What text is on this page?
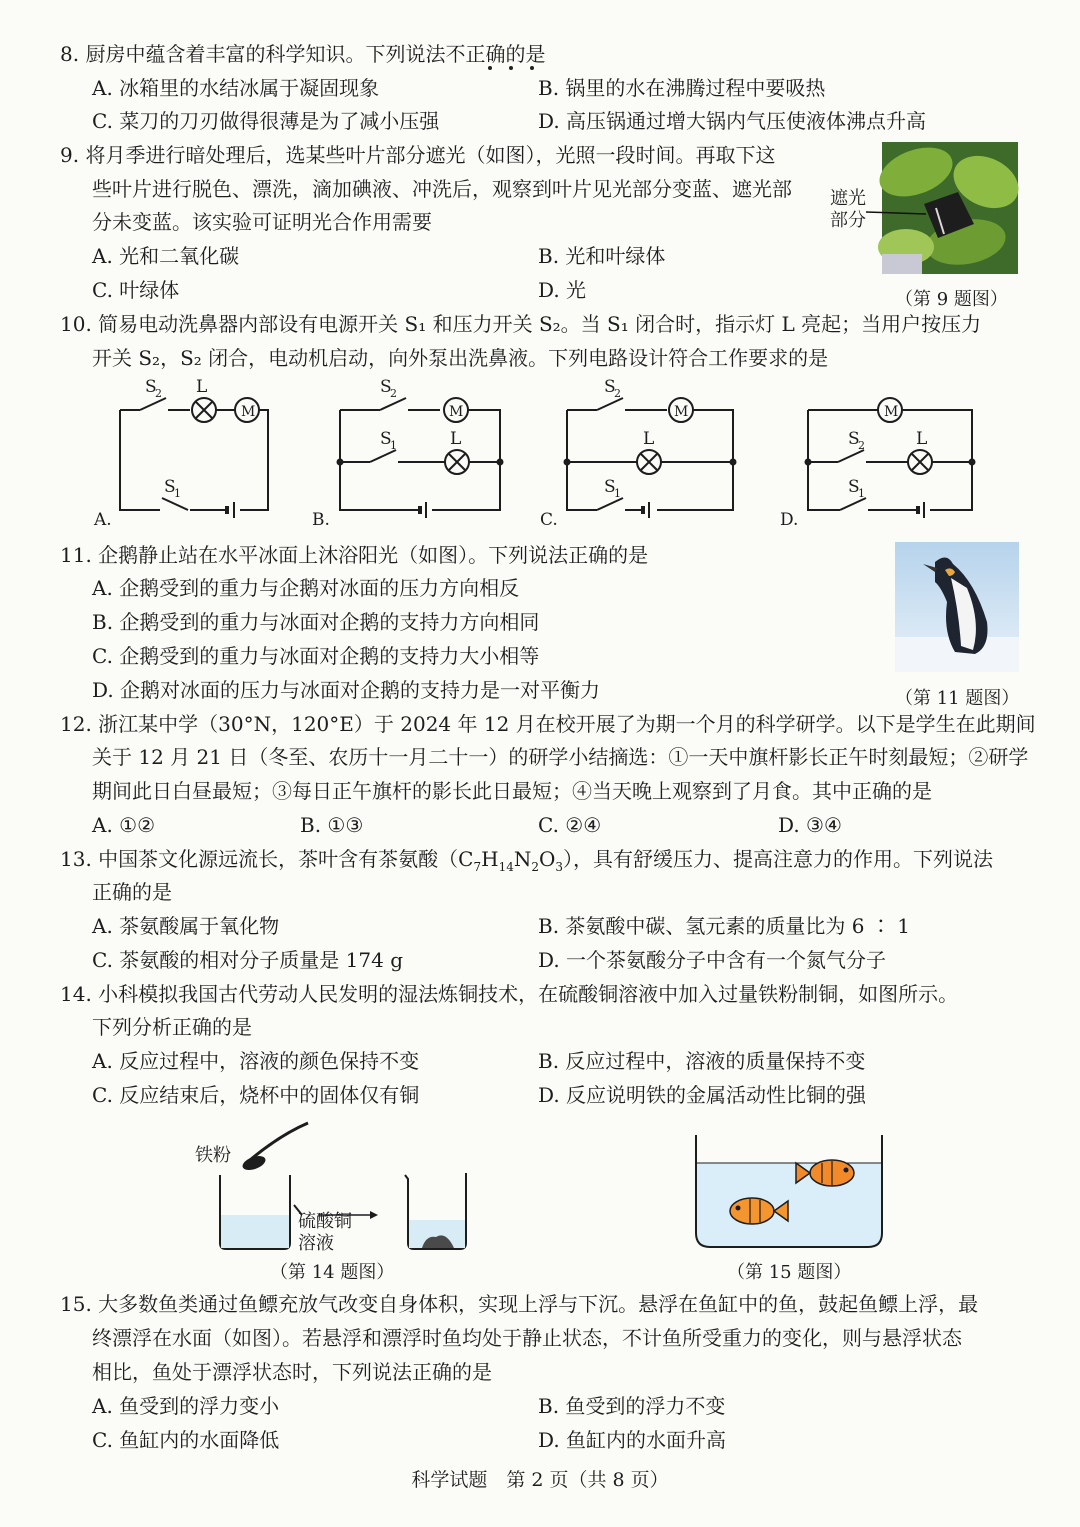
8. 厨房中蕴含着丰富的科学知识。下列说法不正确的是
A. 冰箱里的水结冰属于凝固现象	B. 锅里的水在沸腾过程中要吸热
C. 菜刀的刀刃做得很薄是为了减小压强	D. 高压锅通过增大锅内气压使液体沸点升高
9. 将月季进行暗处理后，选某些叶片部分遮光（如图），光照一段时间。再取下这
些叶片进行脱色、漂洗，滴加碘液、冲洗后，观察到叶片见光部分变蓝、遮光部
分未变蓝。该实验可证明光合作用需要
A. 光和二氧化碳	B. 光和叶绿体
C. 叶绿体	D. 光
遮光
部分
（第 9 题图）
10. 简易电动洗鼻器内部设有电源开关 S₁ 和压力开关 S₂。当 S₁ 闭合时，指示灯 L 亮起；当用户按压力
开关 S₂，S₂ 闭合，电动机启动，向外泵出洗鼻液。下列电路设计符合工作要求的是
S
2 L
M
S
1
A.
S
2
M
S
1	L
B.
S
2
M
L
S
1
C.
M
S
2	L
S
1
D.
11. 企鹅静止站在水平冰面上沐浴阳光（如图）。下列说法正确的是
A. 企鹅受到的重力与企鹅对冰面的压力方向相反
B. 企鹅受到的重力与冰面对企鹅的支持力方向相同
C. 企鹅受到的重力与冰面对企鹅的支持力大小相等
D. 企鹅对冰面的压力与冰面对企鹅的支持力是一对平衡力	（第 11 题图）
12. 浙江某中学（30°N，120°E）于 2024 年 12 月在校开展了为期一个月的科学研学。以下是学生在此期间
关于 12 月 21 日（冬至、农历十一月二十一）的研学小结摘选：①一天中旗杆影长正午时刻最短；②研学
期间此日白昼最短；③每日正午旗杆的影长此日最短；④当天晚上观察到了月食。其中正确的是
A. ①②	B. ①③	C. ②④	D. ③④
13. 中国茶文化源远流长，茶叶含有茶氨酸$(C_7H_{14}N_2O_3)$，具有舒缓压力、提高注意力的作用。下列说法
正确的是
A. 茶氨酸属于氧化物	B. 茶氨酸中碳、氢元素的质量比为 6 ∶ 1
C. 茶氨酸的相对分子质量是 174 g	D. 一个茶氨酸分子中含有一个氮气分子
14. 小科模拟我国古代劳动人民发明的湿法炼铜技术，在硫酸铜溶液中加入过量铁粉制铜，如图所示。
下列分析正确的是
A. 反应过程中，溶液的颜色保持不变	B. 反应过程中，溶液的质量保持不变
C. 反应结束后，烧杯中的固体仅有铜	D. 反应说明铁的金属活动性比铜的强
铁粉
硫酸铜
溶液
（第 14 题图）	（第 15 题图）
15. 大多数鱼类通过鱼鳔充放气改变自身体积，实现上浮与下沉。悬浮在鱼缸中的鱼，鼓起鱼鳔上浮，最
终漂浮在水面（如图）。若悬浮和漂浮时鱼均处于静止状态，不计鱼所受重力的变化，则与悬浮状态
相比，鱼处于漂浮状态时，下列说法正确的是
A. 鱼受到的浮力变小	B. 鱼受到的浮力不变
C. 鱼缸内的水面降低	D. 鱼缸内的水面升高
科学试题　第 2 页（共 8 页）
